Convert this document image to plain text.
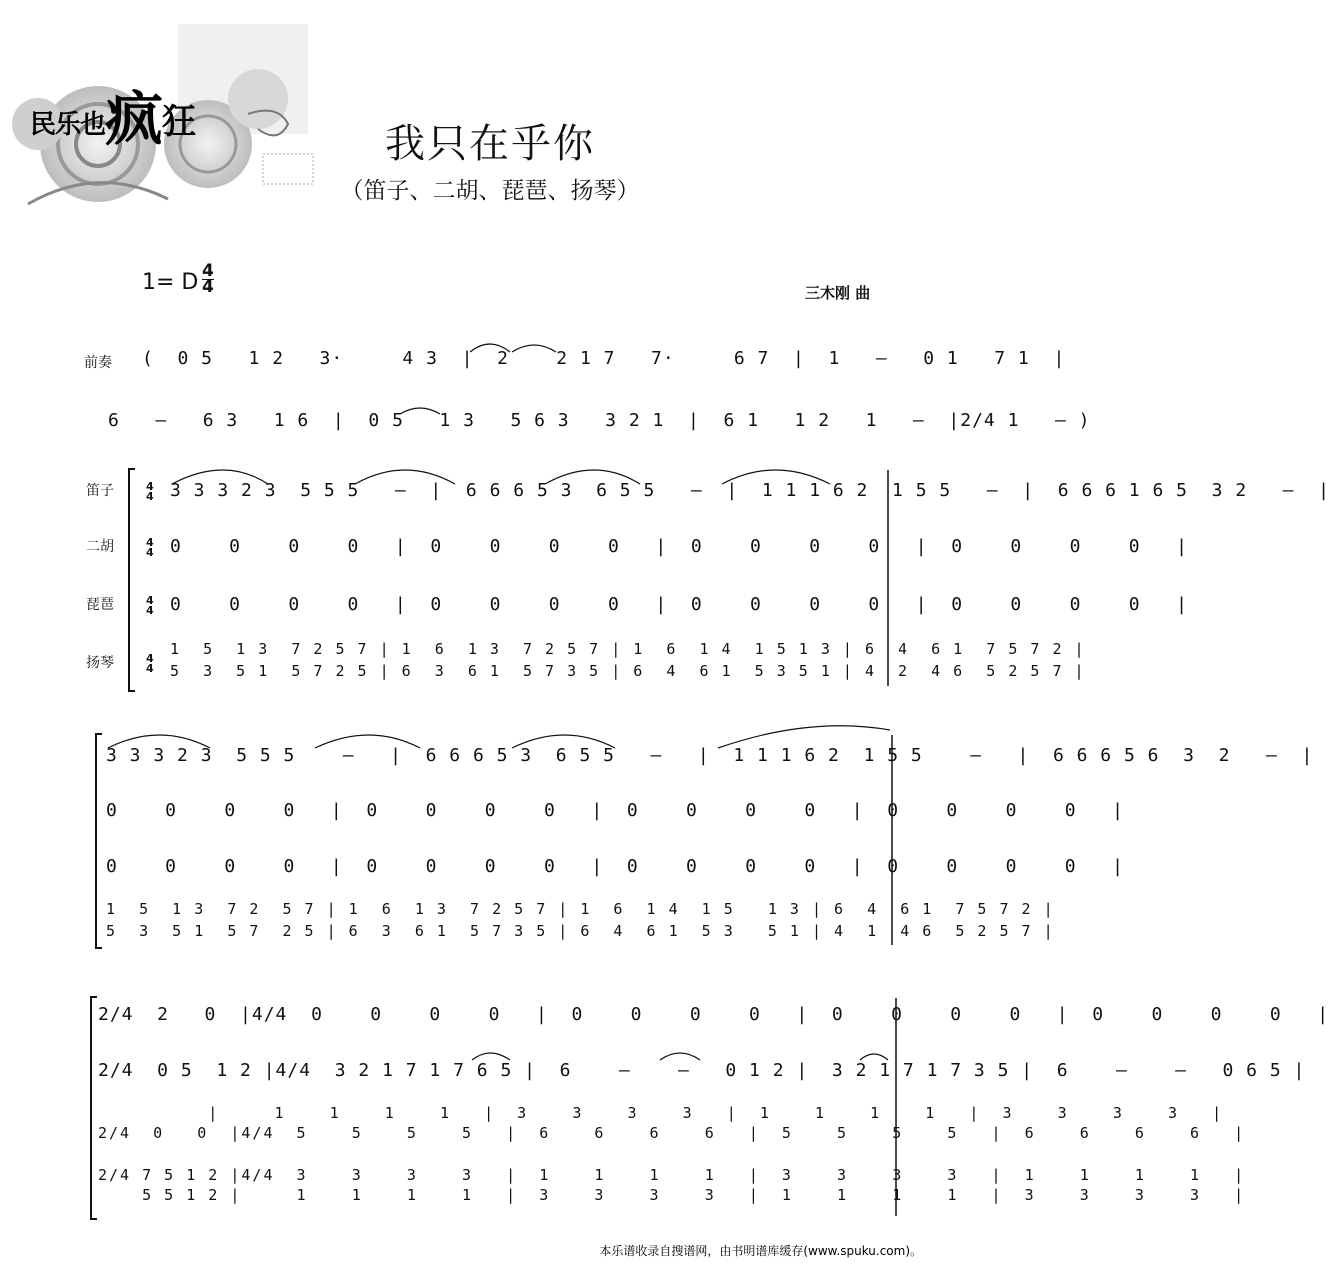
民乐也疯狂	我只在乎你
（笛子、二胡、琵琶、扬琴）
1= D $\frac{4}{4}$	三木刚 曲
前奏 (  0 5   1 2   3·     4 3  |  2    2 1 7   7·     6 7  |  1   –   0 1   7 1  |
6   –   6 3   1 6  |  0 5   1 3   5 6 3   3 2 1  |  6 1   1 2   1   –  |2/4 1   – )
笛子
二胡
琵琶
扬琴
4
4
4
4
4
4
4
4
3 3 3 2 3  5 5 5   –  |  6 6 6 5 3  6 5 5   –  |  1 1 1 6 2  1 5 5   –  |  6 6 6 1 6 5  3 2   –  |
0    0    0    0   |  0    0    0    0   |  0    0    0    0   |  0    0    0    0   |
0    0    0    0   |  0    0    0    0   |  0    0    0    0   |  0    0    0    0   |
1  5  1 3  7 2 5 7 | 1  6  1 3  7 2 5 7 | 1  6  1 4  1 5 1 3 | 6  4  6 1  7 5 7 2 |
5  3  5 1  5 7 2 5 | 6  3  6 1  5 7 3 5 | 6  4  6 1  5 3 5 1 | 4  2  4 6  5 2 5 7 |
3 3 3 2 3  5 5 5    –   |  6 6 6 5 3  6 5 5   –   |  1 1 1 6 2  1 5 5    –   |  6 6 6 5 6  3  2   –  |
0    0    0    0   |  0    0    0    0   |  0    0    0    0   |  0    0    0    0   |
0    0    0    0   |  0    0    0    0   |  0    0    0    0   |  0    0    0    0   |
1  5  1 3  7 2  5 7 | 1  6  1 3  7 2 5 7 | 1  6  1 4  1 5   1 3 | 6  4  6 1  7 5 7 2 |
5  3  5 1  5 7  2 5 | 6  3  6 1  5 7 3 5 | 6  4  6 1  5 3   5 1 | 4  1  4 6  5 2 5 7 |
2/4  2   0  |4/4  0    0    0    0   |  0    0    0    0   |  0    0    0    0   |  0    0    0    0   |
2/4  0 5  1 2 |4/4  3 2 1 7 1 7 6 5 |  6    –    –   0 1 2 |  3 2 1 7 1 7 3 5 |  6    –    –   0 6 5 |
|     1    1    1    1   |  3    3    3    3   |  1    1    1    1   |  3    3    3    3   |
2/4  0   0  |4/4  5    5    5    5   |  6    6    6    6   |  5    5    5    5   |  6    6    6    6   |
2/4 7 5 1 2 |4/4  3    3    3    3   |  1    1    1    1   |  3    3    3    3   |  1    1    1    1   |
5 5 1 2 |     1    1    1    1   |  3    3    3    3   |  1    1    1    1   |  3    3    3    3   |
本乐谱收录自搜谱网，由书明谱库缓存(www.spuku.com)。
